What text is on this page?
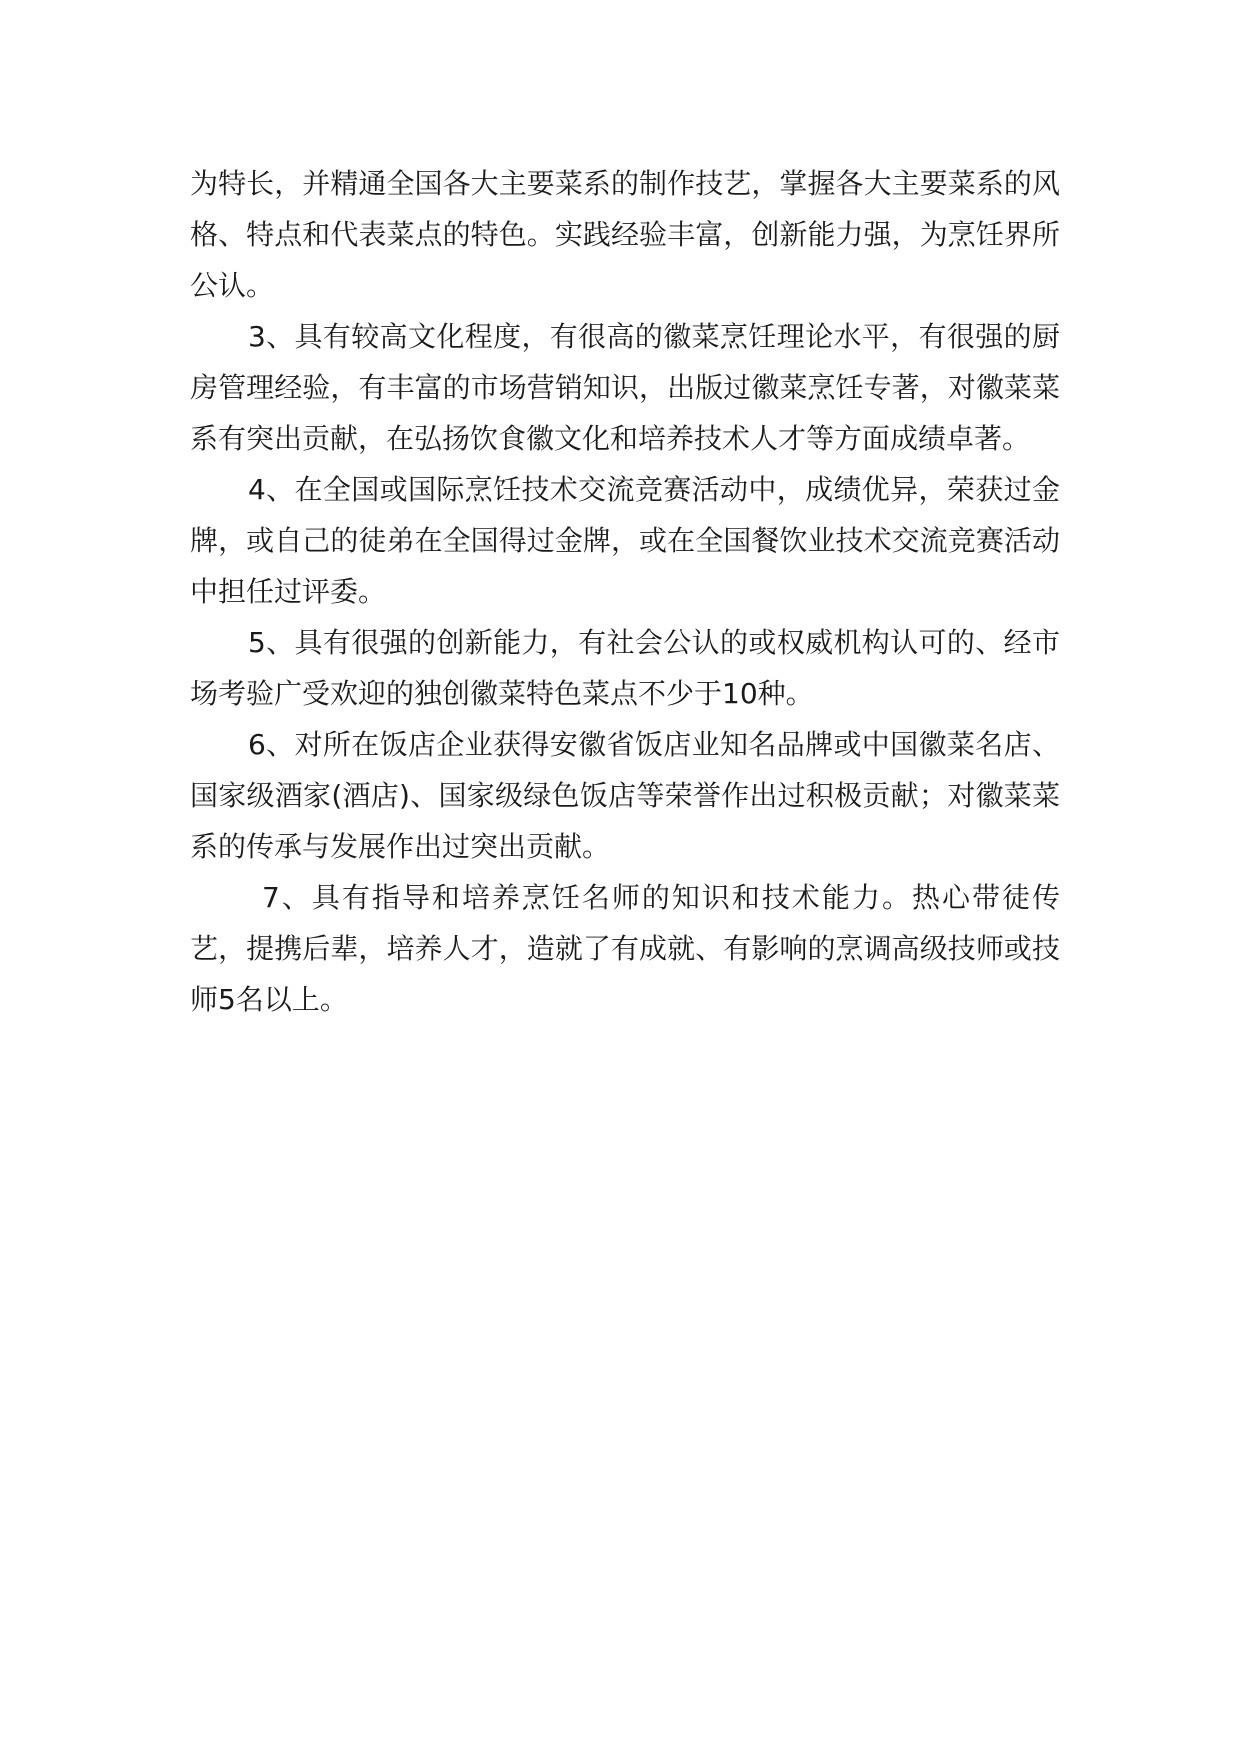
为特长，并精通全国各大主要菜系的制作技艺，掌握各大主要菜系的风格、特点和代表菜点的特色。实践经验丰富，创新能力强，为烹饪界所公认。

3、具有较高文化程度，有很高的徽菜烹饪理论水平，有很强的厨房管理经验，有丰富的市场营销知识，出版过徽菜烹饪专著，对徽菜菜系有突出贡献，在弘扬饮食徽文化和培养技术人才等方面成绩卓著。

4、在全国或国际烹饪技术交流竞赛活动中，成绩优异，荣获过金牌，或自己的徒弟在全国得过金牌，或在全国餐饮业技术交流竞赛活动中担任过评委。

5、具有很强的创新能力，有社会公认的或权威机构认可的、经市场考验广受欢迎的独创徽菜特色菜点不少于10种。

6、对所在饭店企业获得安徽省饭店业知名品牌或中国徽菜名店、国家级酒家(酒店)、国家级绿色饭店等荣誉作出过积极贡献；对徽菜菜系的传承与发展作出过突出贡献。

7、具有指导和培养烹饪名师的知识和技术能力。热心带徒传艺，提携后辈，培养人才，造就了有成就、有影响的烹调高级技师或技师5名以上。
